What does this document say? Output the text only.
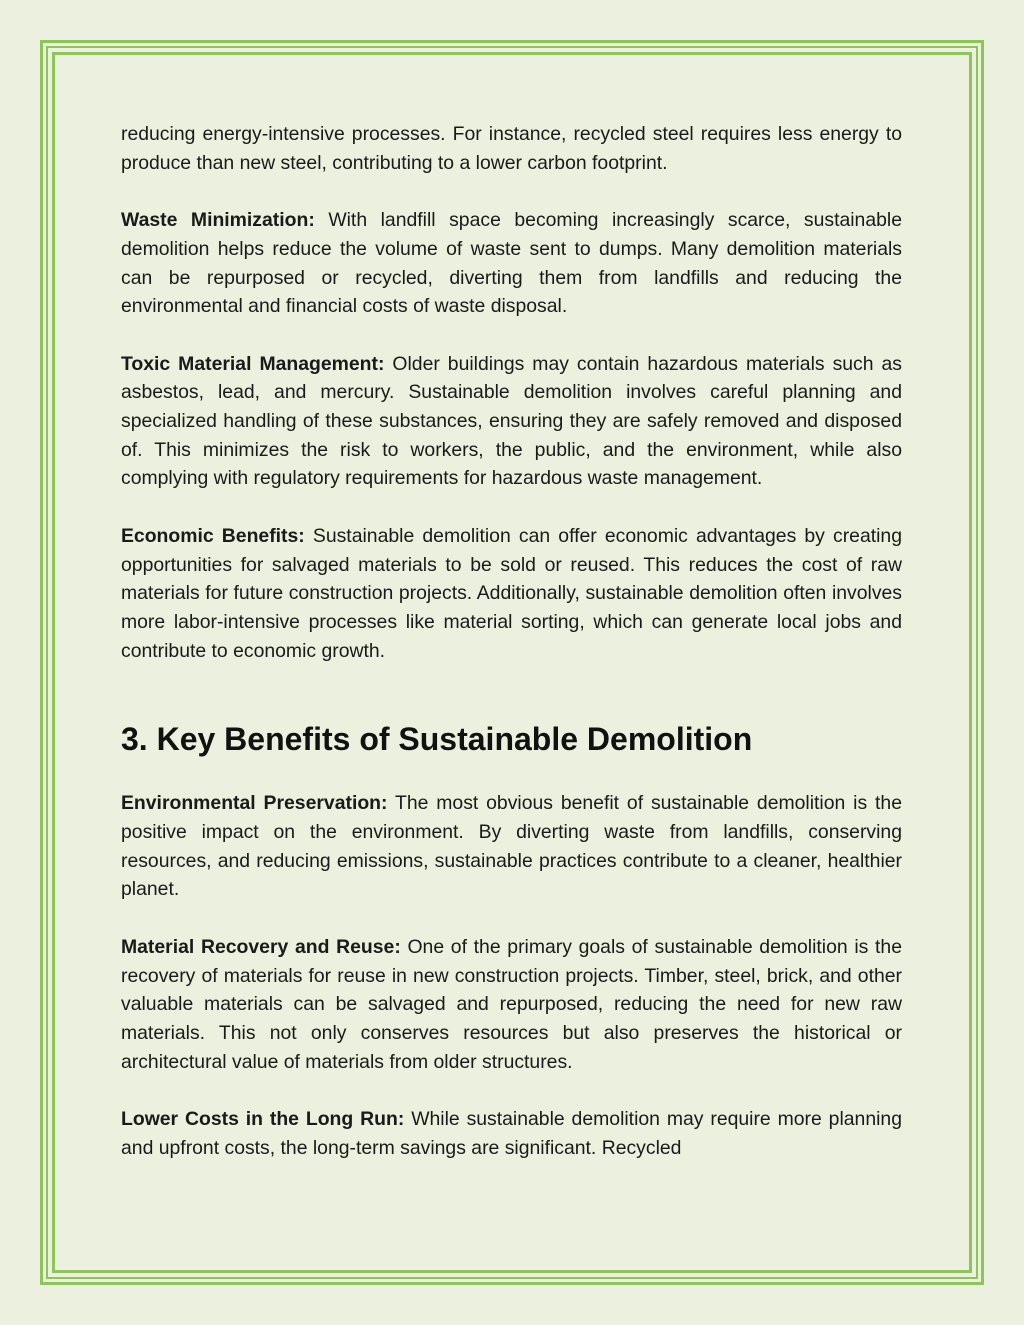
reducing energy-intensive processes. For instance, recycled steel requires less energy to produce than new steel, contributing to a lower carbon footprint.

Waste Minimization: With landfill space becoming increasingly scarce, sustainable demolition helps reduce the volume of waste sent to dumps. Many demolition materials can be repurposed or recycled, diverting them from landfills and reducing the environmental and financial costs of waste disposal.

Toxic Material Management: Older buildings may contain hazardous materials such as asbestos, lead, and mercury. Sustainable demolition involves careful planning and specialized handling of these substances, ensuring they are safely removed and disposed of. This minimizes the risk to workers, the public, and the environment, while also complying with regulatory requirements for hazardous waste management.

Economic Benefits: Sustainable demolition can offer economic advantages by creating opportunities for salvaged materials to be sold or reused. This reduces the cost of raw materials for future construction projects. Additionally, sustainable demolition often involves more labor-intensive processes like material sorting, which can generate local jobs and contribute to economic growth.

3. Key Benefits of Sustainable Demolition

Environmental Preservation: The most obvious benefit of sustainable demolition is the positive impact on the environment. By diverting waste from landfills, conserving resources, and reducing emissions, sustainable practices contribute to a cleaner, healthier planet.

Material Recovery and Reuse: One of the primary goals of sustainable demolition is the recovery of materials for reuse in new construction projects. Timber, steel, brick, and other valuable materials can be salvaged and repurposed, reducing the need for new raw materials. This not only conserves resources but also preserves the historical or architectural value of materials from older structures.

Lower Costs in the Long Run: While sustainable demolition may require more planning and upfront costs, the long-term savings are significant. Recycled
